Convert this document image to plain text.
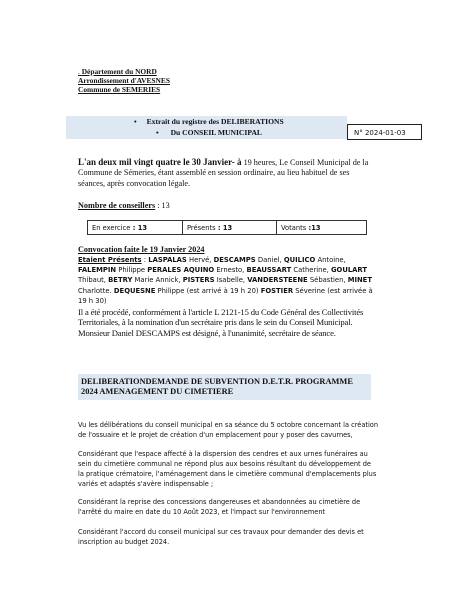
. Département du NORD
Arrondissement d'AVESNES
Commune de SEMERIES
• Extrait du registre des DELIBERATIONS
• Du CONSEIL MUNICIPAL	N° 2024-01-03
L'an deux mil vingt quatre le 30 Janvier- à 19 heures, Le Conseil Municipal de la Commune de Sémeries, étant assemblé en session ordinaire, au lieu habituel de ses séances, après convocation légale.
Nombre de conseillers : 13
En exercice : 13	Présents : 13	Votants :13
Convocation faite le 19 Janvier 2024
Etaient Présents : LASPALAS Hervé, DESCAMPS Daniel, QUILICO Antoine, FALEMPIN Philippe PERALES AQUINO Ernesto, BEAUSSART Catherine, GOULART Thibaut, BETRY Marie Annick, PISTERS Isabelle, VANDERSTEENE Sébastien, MINET Charlotte. DEQUESNE Philippe (est arrivé à 19 h 20) FOSTIER Séverine (est arrivée à 19 h 30)
Il a été procédé, conformément à l'article L 2121-15 du Code Général des Collectivités Territoriales, à la nomination d'un secrétaire pris dans le sein du Conseil Municipal.
Monsieur Daniel DESCAMPS est désigné, à l'unanimité, secrétaire de séance.
DELIBERATIONDEMANDE DE SUBVENTION D.E.T.R. PROGRAMME 2024 AMENAGEMENT DU CIMETIERE
Vu les délibérations du conseil municipal en sa séance du 5 octobre concernant la création de l'ossuaire et le projet de création d'un emplacement pour y poser des cavurnes,
Considérant que l'espace affecté à la dispersion des cendres et aux urnes funéraires au sein du cimetière communal ne répond plus aux besoins résultant du développement de la pratique crématoire, l'aménagement dans le cimetière communal d'emplacements plus variés et adaptés s'avère indispensable ;
Considérant la reprise des concessions dangereuses et abandonnées au cimetière de l'arrêté du maire en date du 10 Août 2023, et l'impact sur l'environnement
Considérant l'accord du conseil municipal sur ces travaux pour demander des devis et inscription au budget 2024.
